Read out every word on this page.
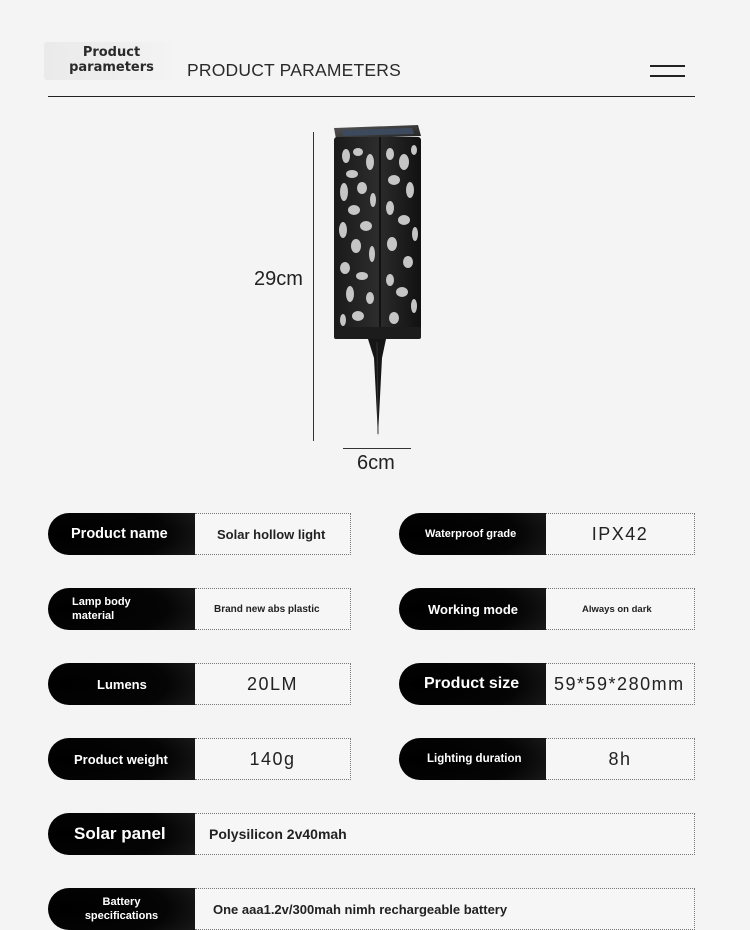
Product parameters	PRODUCT PARAMETERS
29cm
6cm
Product name	Solar hollow light	Waterproof grade	IPX42
Lamp body
material
Brand new abs plastic	Working mode	Always on dark
Lumens	20LM	Product size	59*59*280mm
Product weight	140g	Lighting duration	8h
Solar panel	Polysilicon 2v40mah
Battery
specifications	One aaa1.2v/300mah nimh rechargeable battery
